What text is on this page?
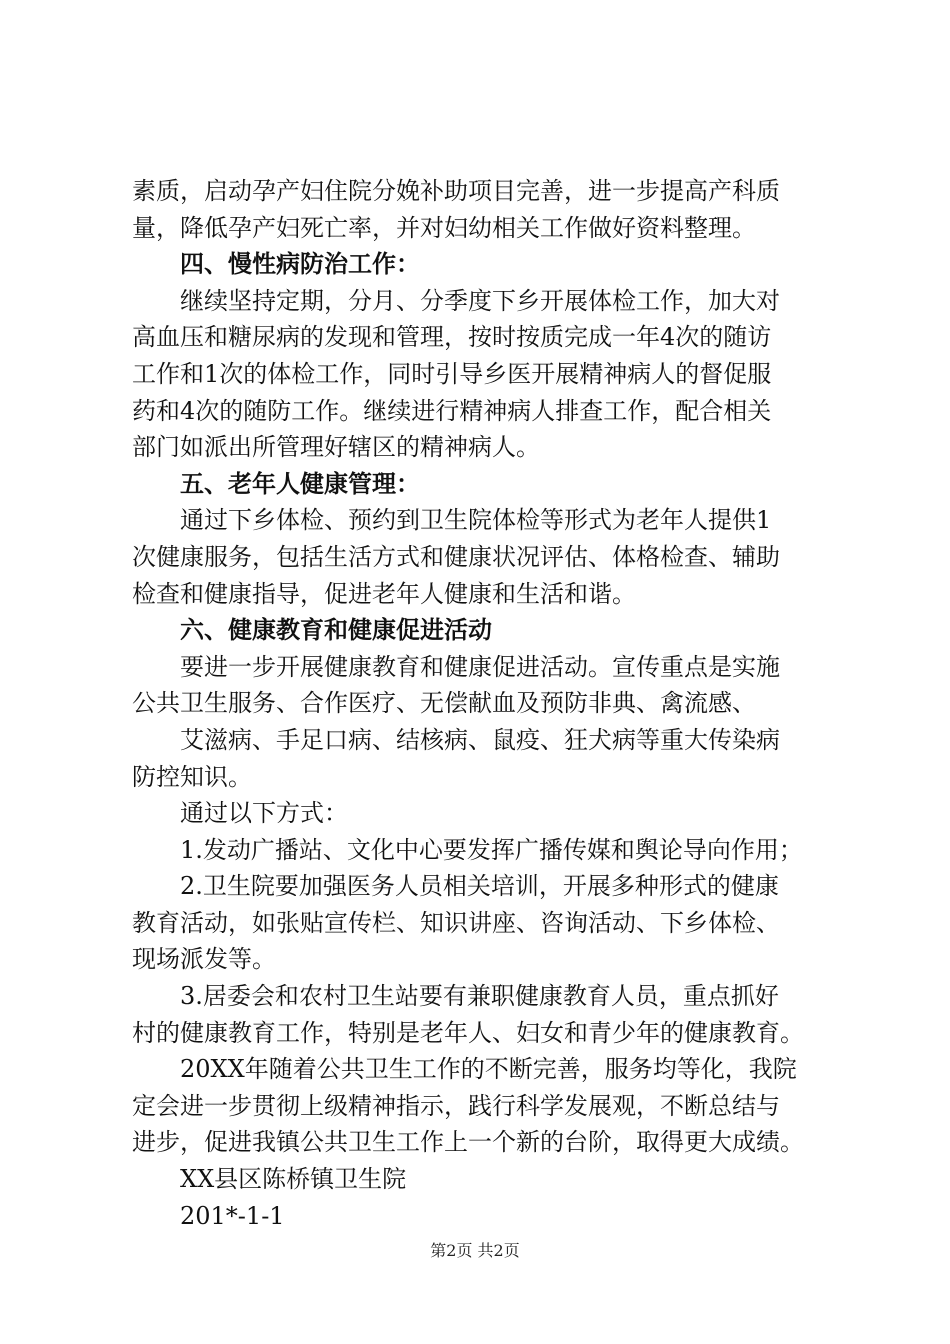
素质，启动孕产妇住院分娩补助项目完善，进一步提高产科质
量，降低孕产妇死亡率，并对妇幼相关工作做好资料整理。
四、慢性病防治工作：
继续坚持定期，分月、分季度下乡开展体检工作，加大对
高血压和糖尿病的发现和管理，按时按质完成一年4次的随访
工作和1次的体检工作，同时引导乡医开展精神病人的督促服
药和4次的随防工作。继续进行精神病人排查工作，配合相关
部门如派出所管理好辖区的精神病人。
五、老年人健康管理：
通过下乡体检、预约到卫生院体检等形式为老年人提供1
次健康服务，包括生活方式和健康状况评估、体格检查、辅助
检查和健康指导，促进老年人健康和生活和谐。
六、健康教育和健康促进活动
要进一步开展健康教育和健康促进活动。宣传重点是实施
公共卫生服务、合作医疗、无偿献血及预防非典、禽流感、
艾滋病、手足口病、结核病、鼠疫、狂犬病等重大传染病
防控知识。
通过以下方式：
1.发动广播站、文化中心要发挥广播传媒和舆论导向作用；
2.卫生院要加强医务人员相关培训，开展多种形式的健康
教育活动，如张贴宣传栏、知识讲座、咨询活动、下乡体检、
现场派发等。
3.居委会和农村卫生站要有兼职健康教育人员，重点抓好
村的健康教育工作，特别是老年人、妇女和青少年的健康教育。
20XX年随着公共卫生工作的不断完善，服务均等化，我院
定会进一步贯彻上级精神指示，践行科学发展观，不断总结与
进步，促进我镇公共卫生工作上一个新的台阶，取得更大成绩。
XX县区陈桥镇卫生院
201*-1-1
第2页 共2页
